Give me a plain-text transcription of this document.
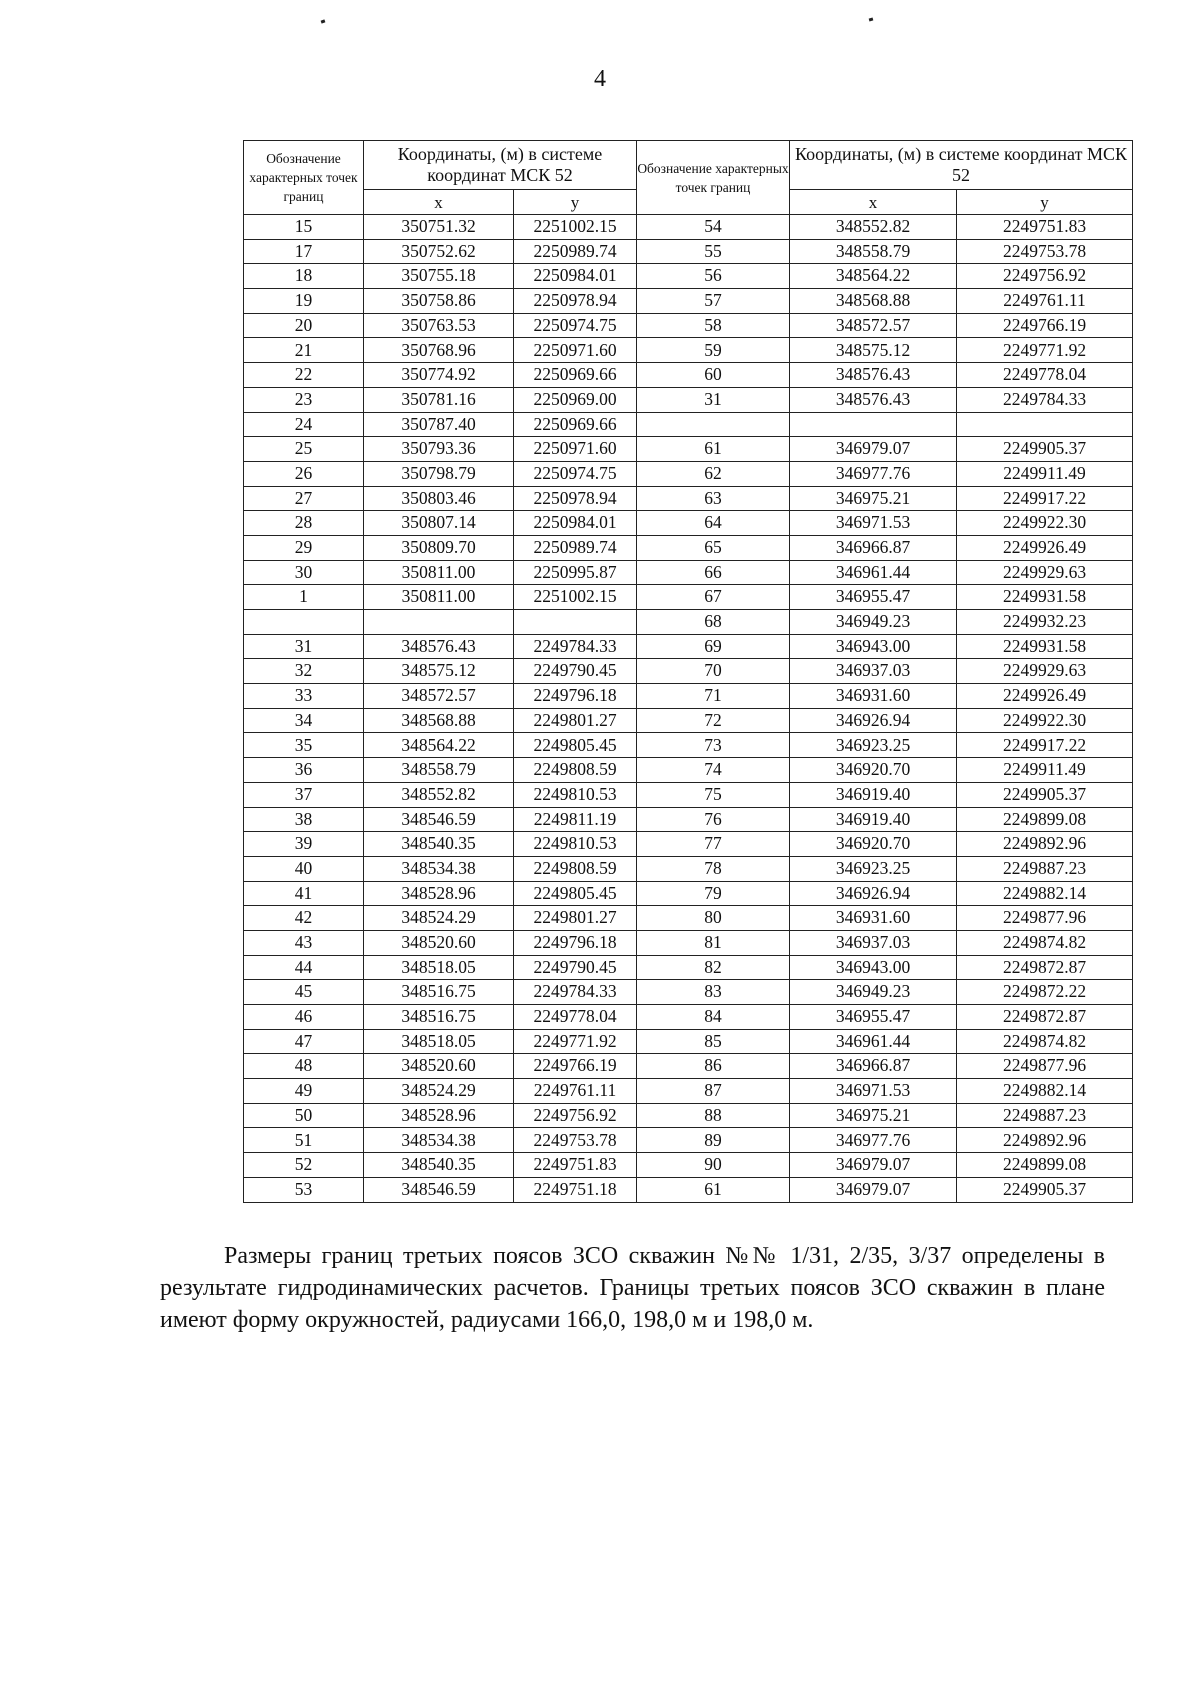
4
Обозначение характерных точек границ	Координаты, (м) в системе координат МСК 52		Обозначение характерных точек границ	Координаты, (м) в системе координат МСК 52	
	x	y		x	y
15	350751.32	2251002.15	54	348552.82	2249751.83
17	350752.62	2250989.74	55	348558.79	2249753.78
18	350755.18	2250984.01	56	348564.22	2249756.92
19	350758.86	2250978.94	57	348568.88	2249761.11
20	350763.53	2250974.75	58	348572.57	2249766.19
21	350768.96	2250971.60	59	348575.12	2249771.92
22	350774.92	2250969.66	60	348576.43	2249778.04
23	350781.16	2250969.00	31	348576.43	2249784.33
24	350787.40	2250969.66			
25	350793.36	2250971.60	61	346979.07	2249905.37
26	350798.79	2250974.75	62	346977.76	2249911.49
27	350803.46	2250978.94	63	346975.21	2249917.22
28	350807.14	2250984.01	64	346971.53	2249922.30
29	350809.70	2250989.74	65	346966.87	2249926.49
30	350811.00	2250995.87	66	346961.44	2249929.63
1	350811.00	2251002.15	67	346955.47	2249931.58
			68	346949.23	2249932.23
31	348576.43	2249784.33	69	346943.00	2249931.58
32	348575.12	2249790.45	70	346937.03	2249929.63
33	348572.57	2249796.18	71	346931.60	2249926.49
34	348568.88	2249801.27	72	346926.94	2249922.30
35	348564.22	2249805.45	73	346923.25	2249917.22
36	348558.79	2249808.59	74	346920.70	2249911.49
37	348552.82	2249810.53	75	346919.40	2249905.37
38	348546.59	2249811.19	76	346919.40	2249899.08
39	348540.35	2249810.53	77	346920.70	2249892.96
40	348534.38	2249808.59	78	346923.25	2249887.23
41	348528.96	2249805.45	79	346926.94	2249882.14
42	348524.29	2249801.27	80	346931.60	2249877.96
43	348520.60	2249796.18	81	346937.03	2249874.82
44	348518.05	2249790.45	82	346943.00	2249872.87
45	348516.75	2249784.33	83	346949.23	2249872.22
46	348516.75	2249778.04	84	346955.47	2249872.87
47	348518.05	2249771.92	85	346961.44	2249874.82
48	348520.60	2249766.19	86	346966.87	2249877.96
49	348524.29	2249761.11	87	346971.53	2249882.14
50	348528.96	2249756.92	88	346975.21	2249887.23
51	348534.38	2249753.78	89	346977.76	2249892.96
52	348540.35	2249751.83	90	346979.07	2249899.08
53	348546.59	2249751.18	61	346979.07	2249905.37

Размеры границ третьих поясов ЗСО скважин №№ 1/31, 2/35, 3/37 определены в результате гидродинамических расчетов. Границы третьих поясов ЗСО скважин в плане имеют форму окружностей, радиусами 166,0, 198,0 м и 198,0 м.
